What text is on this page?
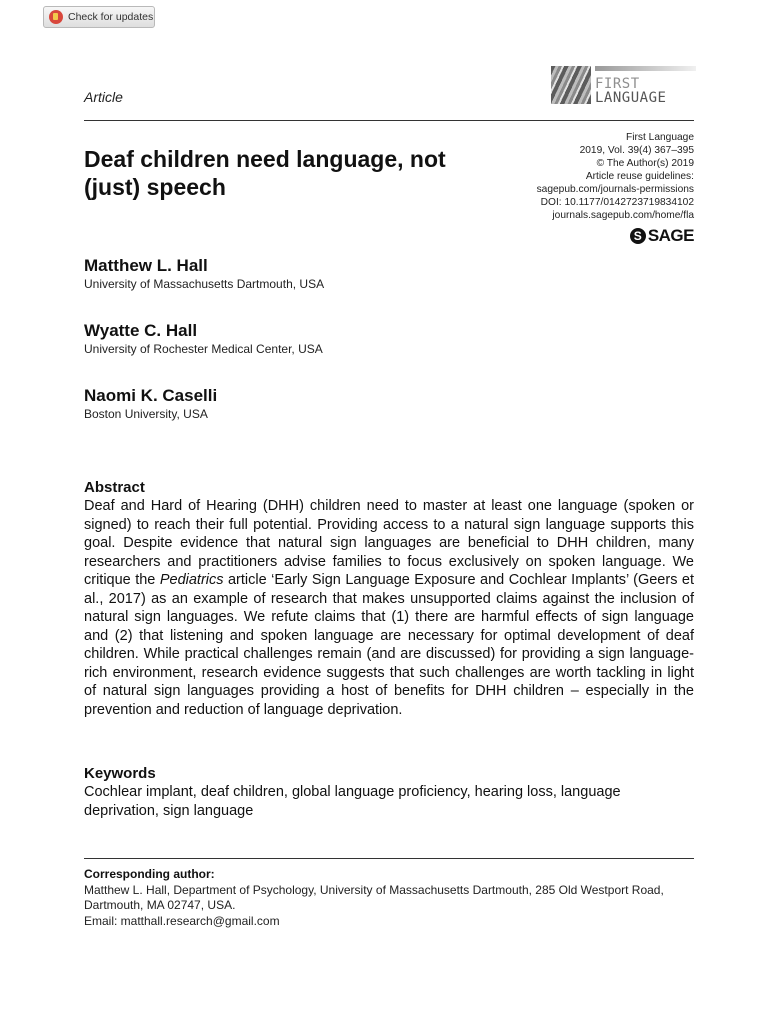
Check for updates
FIRST
LANGUAGE
Article
Deaf children need language, not (just) speech
First Language
2019, Vol. 39(4) 367–395
© The Author(s) 2019
Article reuse guidelines:
sagepub.com/journals-permissions
DOI: 10.1177/0142723719834102
journals.sagepub.com/home/fla
S
SAGE
Matthew L. Hall
University of Massachusetts Dartmouth, USA
Wyatte C. Hall
University of Rochester Medical Center, USA
Naomi K. Caselli
Boston University, USA
Abstract

Deaf and Hard of Hearing (DHH) children need to master at least one language (spoken or signed) to reach their full potential. Providing access to a natural sign language supports this goal. Despite evidence that natural sign languages are beneficial to DHH children, many researchers and practitioners advise families to focus exclusively on spoken language. We critique the Pediatrics article ‘Early Sign Language Exposure and Cochlear Implants’ (Geers et al., 2017) as an example of research that makes unsupported claims against the inclusion of natural sign languages. We refute claims that (1) there are harmful effects of sign language and (2) that listening and spoken language are necessary for optimal development of deaf children. While practical challenges remain (and are discussed) for providing a sign language-rich environment, research evidence suggests that such challenges are worth tackling in light of natural sign languages providing a host of benefits for DHH children – especially in the prevention and reduction of language deprivation.

Keywords

Cochlear implant, deaf children, global language proficiency, hearing loss, language deprivation, sign language

Corresponding author:
Matthew L. Hall, Department of Psychology, University of Massachusetts Dartmouth, 285 Old Westport Road, Dartmouth, MA 02747, USA.
Email: matthall.research@gmail.com
